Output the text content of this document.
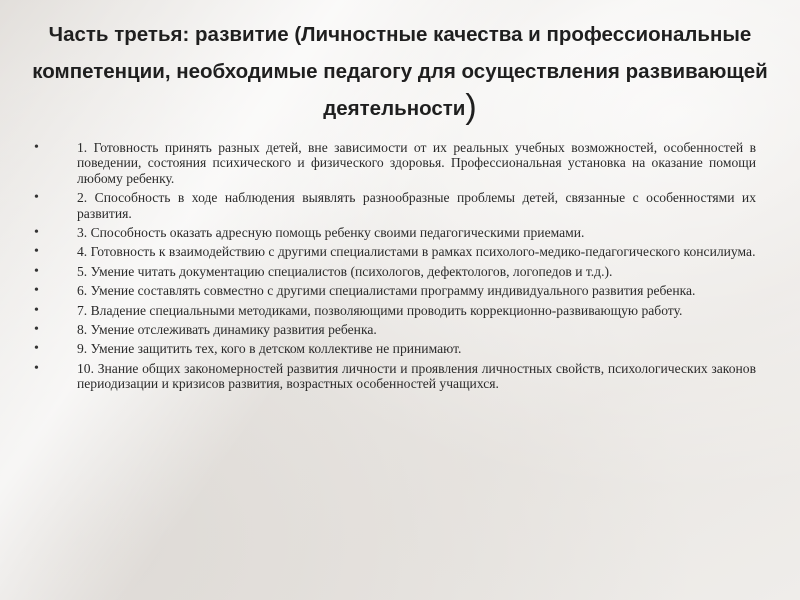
Часть третья: развитие (Личностные качества и профессиональные компетенции, необходимые педагогу для осуществления развивающей деятельности)
•	1. Готовность принять разных детей, вне зависимости от их реальных учебных возможностей, особенностей в поведении, состояния психического и физического здоровья. Профессиональная установка на оказание помощи любому ребенку.
•	2. Способность в ходе наблюдения выявлять разнообразные проблемы детей, связанные с особенностями их развития.
•	3. Способность оказать адресную помощь ребенку своими педагогическими приемами.
•	4. Готовность к взаимодействию с другими специалистами в рамках психолого-медико-педагогического консилиума.
•	5. Умение читать документацию специалистов (психологов, дефектологов, логопедов и т.д.).
•	6. Умение составлять совместно с другими специалистами программу индивидуального развития ребенка.
•	7. Владение специальными методиками, позволяющими проводить коррекционно-развивающую работу.
•	8. Умение отслеживать динамику развития ребенка.
•	9. Умение защитить тех, кого в детском коллективе не принимают.
•	10. Знание общих закономерностей развития личности и проявления личностных свойств, психологических законов периодизации и кризисов развития, возрастных особенностей учащихся.
